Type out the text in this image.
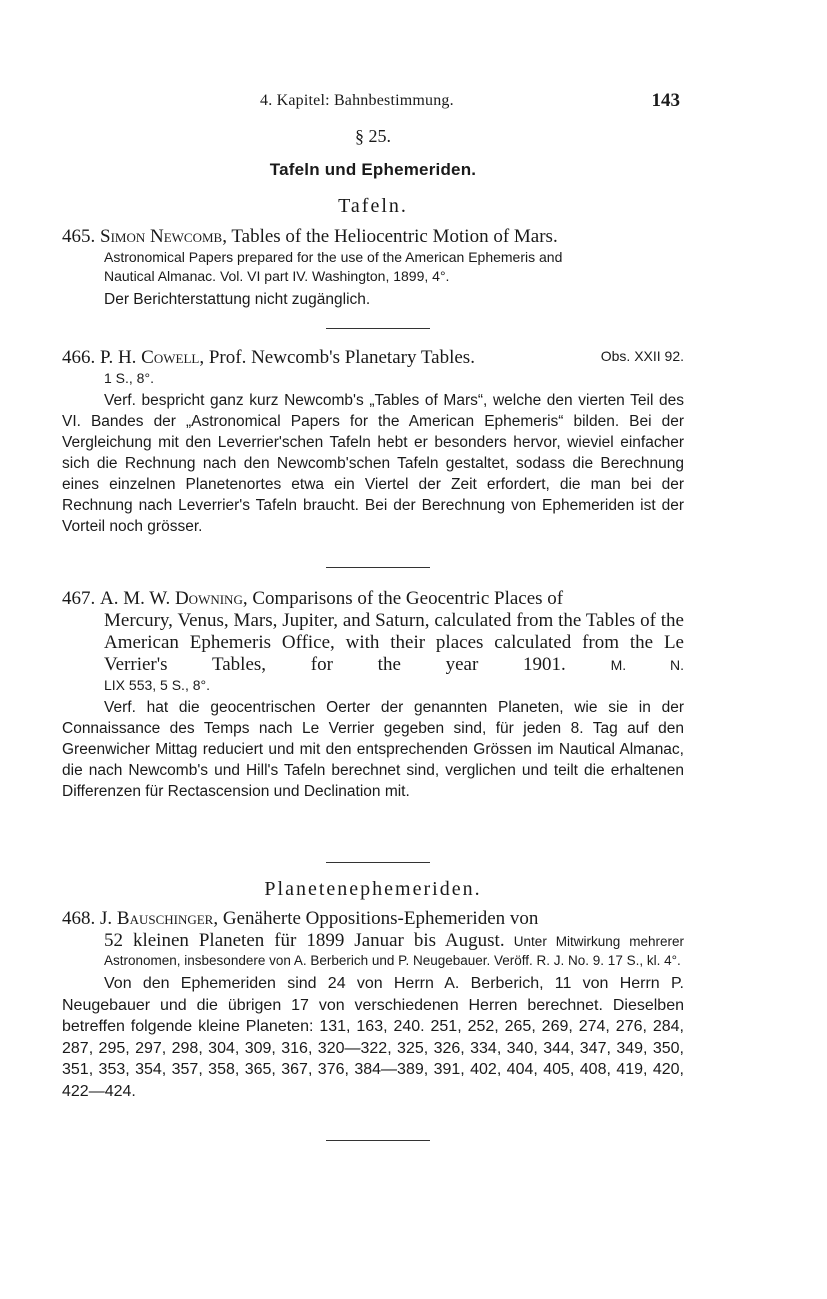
4. Kapitel: Bahnbestimmung.	143
§ 25.
Tafeln und Ephemeriden.
Tafeln.
465. Simon Newcomb, Tables of the Heliocentric Motion of Mars.
Astronomical Papers prepared for the use of the American Ephemeris and
Nautical Almanac. Vol. VI part IV. Washington, 1899, 4°.
Der Berichterstattung nicht zugänglich.
466. P. H. Cowell, Prof. Newcomb's Planetary Tables.	Obs. XXII 92.
1 S., 8°.
Verf. bespricht ganz kurz Newcomb's „Tables of Mars“, welche den vierten Teil des VI. Bandes der „Astronomical Papers for the American Ephemeris“ bilden. Bei der Vergleichung mit den Leverrier'schen Tafeln hebt er besonders hervor, wieviel einfacher sich die Rechnung nach den Newcomb'schen Tafeln gestaltet, sodass die Berechnung eines einzelnen Planetenortes etwa ein Viertel der Zeit erfordert, die man bei der Rechnung nach Leverrier's Tafeln braucht. Bei der Berechnung von Ephemeriden ist der Vorteil noch grösser.
467. A. M. W. Downing, Comparisons of the Geocentric Places of
Mercury, Venus, Mars, Jupiter, and Saturn, calculated from the Tables of the American Ephemeris Office, with their places calculated from the Le Verrier's Tables, for the year 1901.	M. N.
LIX 553, 5 S., 8°.
Verf. hat die geocentrischen Oerter der genannten Planeten, wie sie in der Connaissance des Temps nach Le Verrier gegeben sind, für jeden 8. Tag auf den Greenwicher Mittag reduciert und mit den entsprechenden Grössen im Nautical Almanac, die nach Newcomb's und Hill's Tafeln berechnet sind, verglichen und teilt die erhaltenen Differenzen für Rectascension und Declination mit.
Planetenephemeriden.
468. J. Bauschinger, Genäherte Oppositions-Ephemeriden von
52 kleinen Planeten für 1899 Januar bis August. Unter Mitwirkung mehrerer Astronomen, insbesondere von A. Berberich und P. Neugebauer. Veröff. R. J. No. 9. 17 S., kl. 4°.
Von den Ephemeriden sind 24 von Herrn A. Berberich, 11 von Herrn P. Neugebauer und die übrigen 17 von verschiedenen Herren berechnet. Dieselben betreffen folgende kleine Planeten: 131, 163, 240. 251, 252, 265, 269, 274, 276, 284, 287, 295, 297, 298, 304, 309, 316, 320—322, 325, 326, 334, 340, 344, 347, 349, 350, 351, 353, 354, 357, 358, 365, 367, 376, 384—389, 391, 402, 404, 405, 408, 419, 420, 422—424.
